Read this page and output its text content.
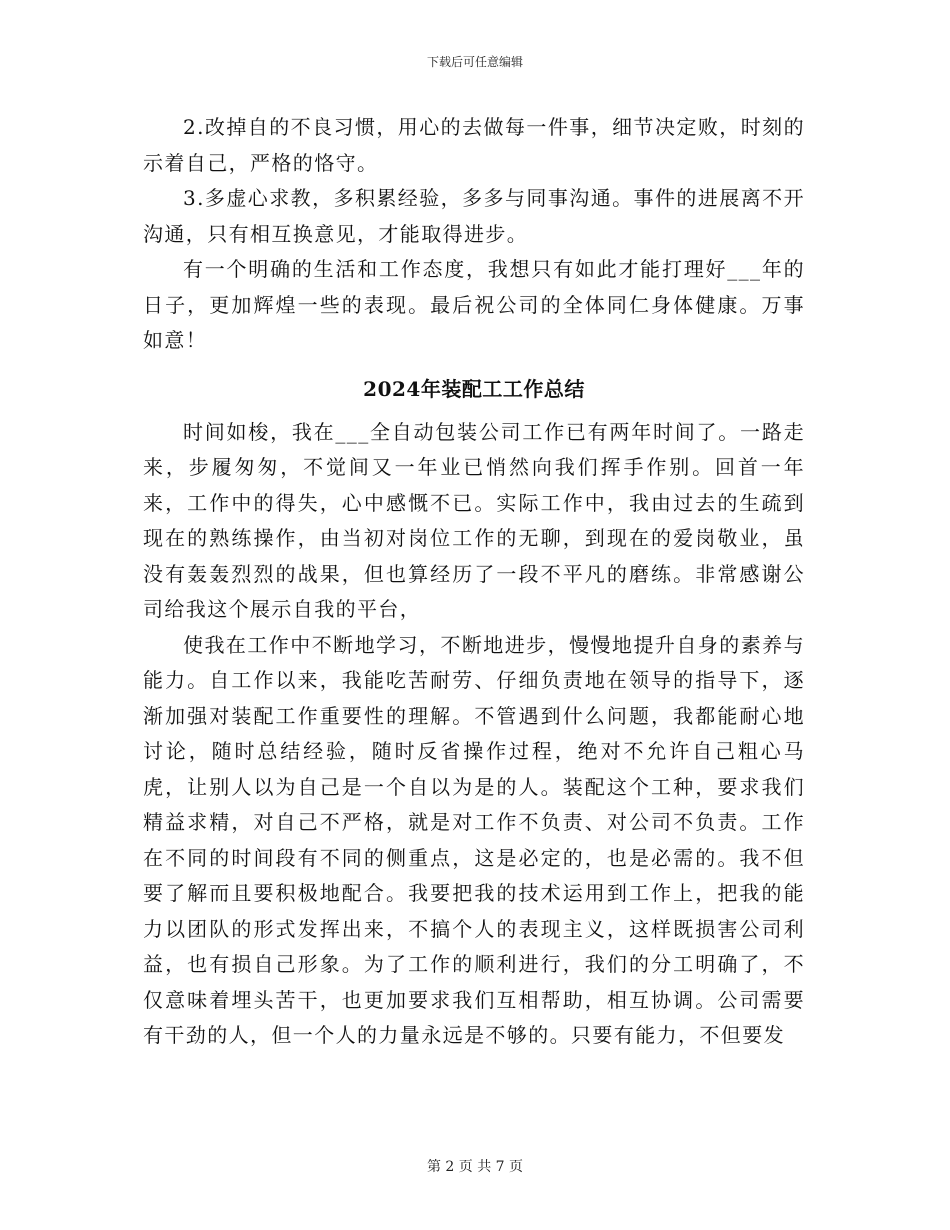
下载后可任意编辑

2.改掉自的不良习惯，用心的去做每一件事，细节决定败，时刻的示着自己，严格的恪守。

3.多虚心求教，多积累经验，多多与同事沟通。事件的进展离不开沟通，只有相互换意见，才能取得进步。

有一个明确的生活和工作态度，我想只有如此才能打理好___年的日子，更加辉煌一些的表现。最后祝公司的全体同仁身体健康。万事如意！

2024年装配工工作总结

时间如梭，我在___全自动包装公司工作已有两年时间了。一路走来，步履匆匆，不觉间又一年业已悄然向我们挥手作别。回首一年来，工作中的得失，心中感慨不已。实际工作中，我由过去的生疏到现在的熟练操作，由当初对岗位工作的无聊，到现在的爱岗敬业，虽没有轰轰烈烈的战果，但也算经历了一段不平凡的磨练。非常感谢公司给我这个展示自我的平台，

使我在工作中不断地学习，不断地进步，慢慢地提升自身的素养与能力。自工作以来，我能吃苦耐劳、仔细负责地在领导的指导下，逐渐加强对装配工作重要性的理解。不管遇到什么问题，我都能耐心地讨论，随时总结经验，随时反省操作过程，绝对不允许自己粗心马虎，让别人以为自己是一个自以为是的人。装配这个工种，要求我们精益求精，对自己不严格，就是对工作不负责、对公司不负责。工作在不同的时间段有不同的侧重点，这是必定的，也是必需的。我不但要了解而且要积极地配合。我要把我的技术运用到工作上，把我的能力以团队的形式发挥出来，不搞个人的表现主义，这样既损害公司利益，也有损自己形象。为了工作的顺利进行，我们的分工明确了，不仅意味着埋头苦干，也更加要求我们互相帮助，相互协调。公司需要有干劲的人，但一个人的力量永远是不够的。只要有能力，不但要发

第 2 页 共 7 页
